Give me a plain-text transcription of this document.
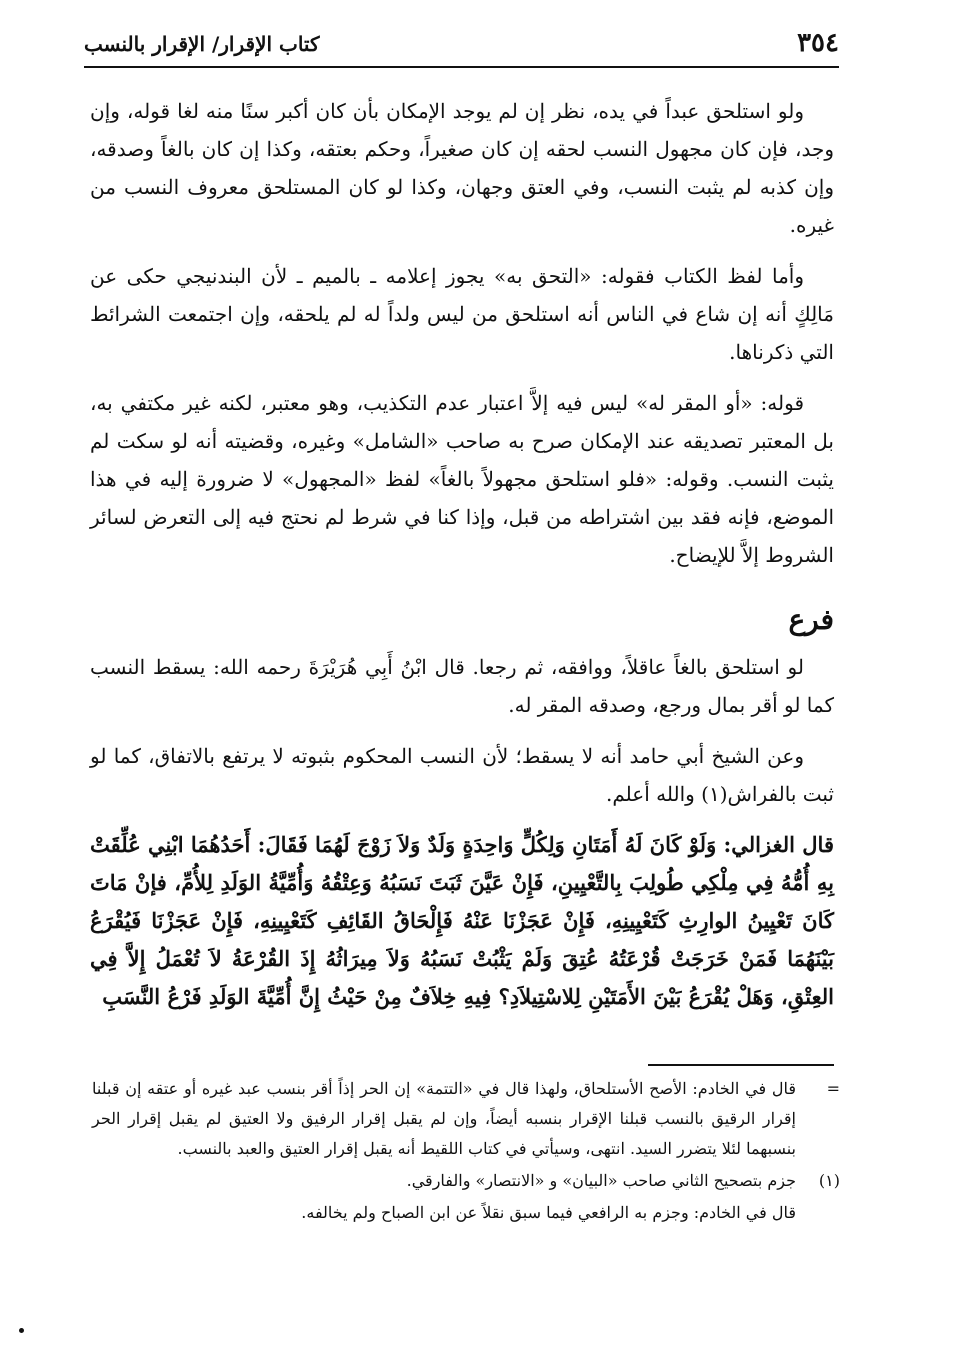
٣٥٤
كتاب الإقرار/ الإقرار بالنسب

ولو استلحق عبداً في يده، نظر إن لم يوجد الإمكان بأن كان أكبر سنًا منه لغا قوله، وإن وجد، فإن كان مجهول النسب لحقه إن كان صغيراً، وحكم بعتقه، وكذا إن كان بالغاً وصدقه، وإن كذبه لم يثبت النسب، وفي العتق وجهان، وكذا لو كان المستلحق معروف النسب من غيره.

وأما لفظ الكتاب فقوله: «التحق به» يجوز إعلامه ـ بالميم ـ لأن البندنيجي حكى عن مَالِكٍ أنه إن شاع في الناس أنه استلحق من ليس ولداً له لم يلحقه، وإن اجتمعت الشرائط التي ذكرناها.

قوله: «أو المقر له» ليس فيه إلاَّ اعتبار عدم التكذيب، وهو معتبر، لكنه غير مكتفي به، بل المعتبر تصديقه عند الإمكان صرح به صاحب «الشامل» وغيره، وقضيته أنه لو سكت لم يثبت النسب. وقوله: «فلو استلحق مجهولاً بالغاً» لفظ «المجهول» لا ضرورة إليه في هذا الموضع، فإنه فقد بين اشتراطه من قبل، وإذا كنا في شرط لم نحتج فيه إلى التعرض لسائر الشروط إلاَّ للإيضاح.

فرع

لو استلحق بالغاً عاقلاً، ووافقه، ثم رجعا. قال ابْنُ أَبِي هُرَيْرَةَ رحمه الله: يسقط النسب كما لو أقر بمال ورجع، وصدقه المقر له.

وعن الشيخ أبي حامد أنه لا يسقط؛ لأن النسب المحكوم بثبوته لا يرتفع بالاتفاق، كما لو ثبت بالفراش(١) والله أعلم.

قال الغزالي: وَلَوْ كَانَ لَهُ أَمَتَانِ وَلِكُلٍّ وَاحِدَةٍ وَلَدٌ وَلاَ زَوْجَ لَهُمَا فَقَالَ: أَحَدُهُمَا ابْنِي عُلِّقَتْ بِهِ أُمُّهُ فِي مِلْكِي طُولِبَ بِالتَّعْيِينِ، فَإِنْ عَيَّنَ ثَبَتَ نَسَبُهُ وَعِتْقُهُ وَأُمِّيَّةُ الوَلَدِ لِلأُمِّ، فإنْ مَاتَ كَانَ تَعْيِينُ الوارِثِ كَتَعْيِينِهِ، فَإِنْ عَجَزْنَا عَنْهُ فَإِلْحَاقُ القَائِفِ كَتَعْيِينِهِ، فَإِنْ عَجَزْنَا فَيُقْرَعُ بَيْنَهُمَا فَمَنْ خَرَجَتْ قُرْعَتُهُ عُتِقَ وَلَمْ يَثْبُتْ نَسَبُهُ وَلاَ مِيرَاثُهُ إِذَ القُرْعَةُ لاَ تُعْمَلُ إِلاَّ فِي العِتْقِ، وَهَلْ يُقْرَعُ بَيْنَ الأَمَتَيْنِ لِلاسْتِيلاَدِ؟ فِيهِ خِلاَفٌ مِنْ حَيْثُ إِنَّ أُمِّيَّةَ الوَلَدِ فَرْعُ النَّسَبِ

=
قال في الخادم: الأصح الأستلحاق، ولهذا قال في «التتمة» إن الحر إذاً أقر بنسب عبد غيره أو عتقه إن قبلنا إقرار الرقيق بالنسب قبلنا الإقرار بنسبه أيضاً، وإن لم يقبل إقرار الرفيق ولا العتيق لم يقبل إقرار الحر بنسبهما لئلا يتضرر السيد. انتهى، وسيأتي في كتاب اللقيط أنه يقبل إقرار العتيق والعبد بالنسب.
(١)
جزم بتصحيح الثاني صاحب «البيان» و «الانتصار» والفارقي.

قال في الخادم: وجزم به الرافعي فيما سبق نقلاً عن ابن الصباح ولم يخالفه.
